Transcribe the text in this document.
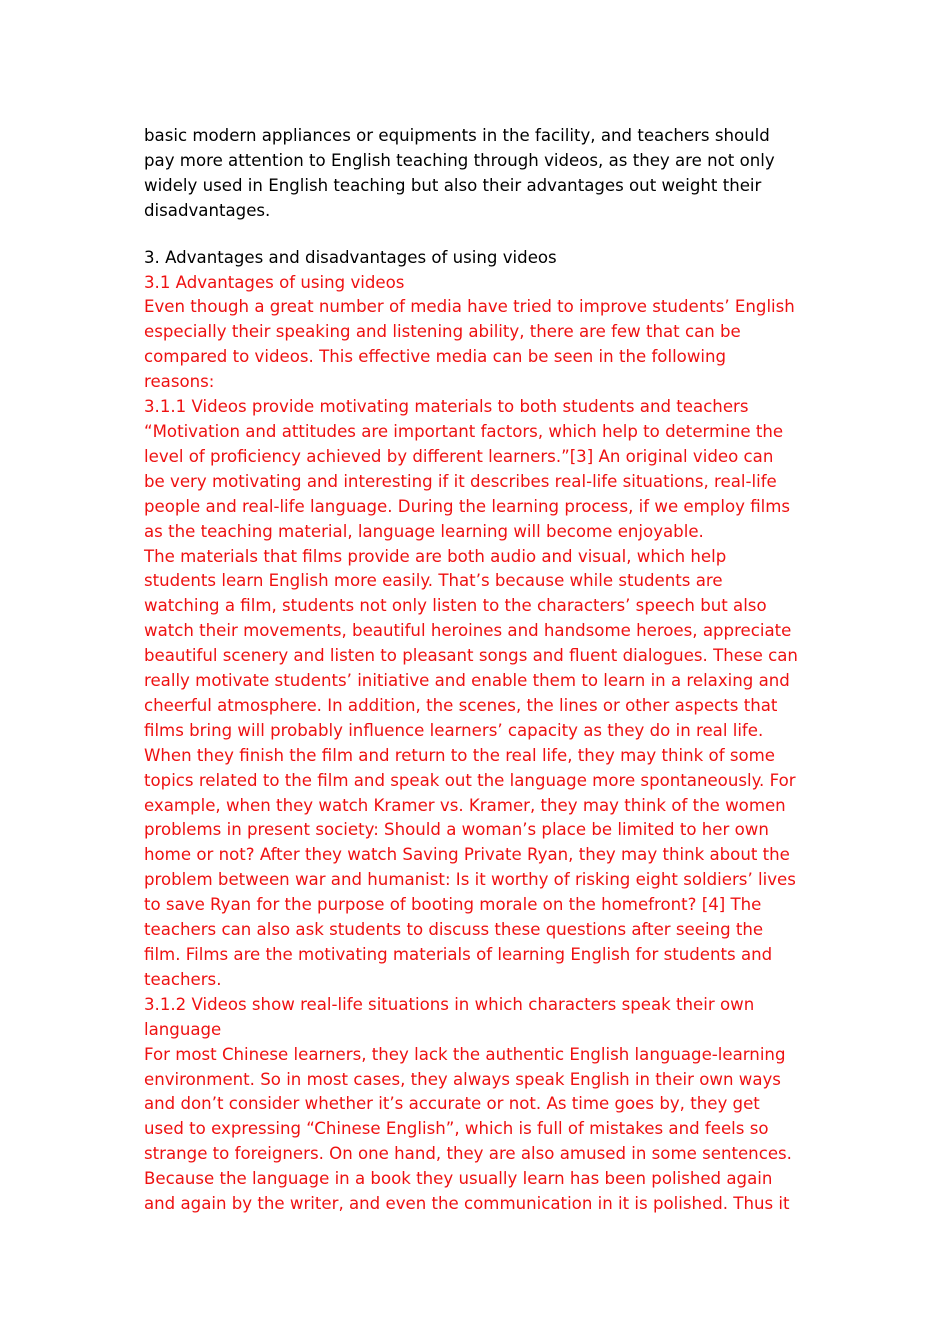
basic modern appliances or equipments in the facility, and teachers should
pay more attention to English teaching through videos, as they are not only
widely used in English teaching but also their advantages out weight their
disadvantages.

3. Advantages and disadvantages of using videos

3.1 Advantages of using videos

Even though a great number of media have tried to improve students’ English
especially their speaking and listening ability, there are few that can be
compared to videos. This effective media can be seen in the following
reasons:

3.1.1 Videos provide motivating materials to both students and teachers

“Motivation and attitudes are important factors, which help to determine the
level of proficiency achieved by different learners.”[3] An original video can
be very motivating and interesting if it describes real-life situations, real-life
people and real-life language. During the learning process, if we employ films
as the teaching material, language learning will become enjoyable.

The materials that films provide are both audio and visual, which help
students learn English more easily. That’s because while students are
watching a film, students not only listen to the characters’ speech but also
watch their movements, beautiful heroines and handsome heroes, appreciate
beautiful scenery and listen to pleasant songs and fluent dialogues. These can
really motivate students’ initiative and enable them to learn in a relaxing and
cheerful atmosphere. In addition, the scenes, the lines or other aspects that
films bring will probably influence learners’ capacity as they do in real life.
When they finish the film and return to the real life, they may think of some
topics related to the film and speak out the language more spontaneously. For
example, when they watch Kramer vs. Kramer, they may think of the women
problems in present society: Should a woman’s place be limited to her own
home or not? After they watch Saving Private Ryan, they may think about the
problem between war and humanist: Is it worthy of risking eight soldiers’ lives
to save Ryan for the purpose of booting morale on the homefront? [4] The
teachers can also ask students to discuss these questions after seeing the
film. Films are the motivating materials of learning English for students and
teachers.

3.1.2 Videos show real-life situations in which characters speak their own
language

For most Chinese learners, they lack the authentic English language-learning
environment. So in most cases, they always speak English in their own ways
and don’t consider whether it’s accurate or not. As time goes by, they get
used to expressing “Chinese English”, which is full of mistakes and feels so
strange to foreigners. On one hand, they are also amused in some sentences.
Because the language in a book they usually learn has been polished again
and again by the writer, and even the communication in it is polished. Thus it
